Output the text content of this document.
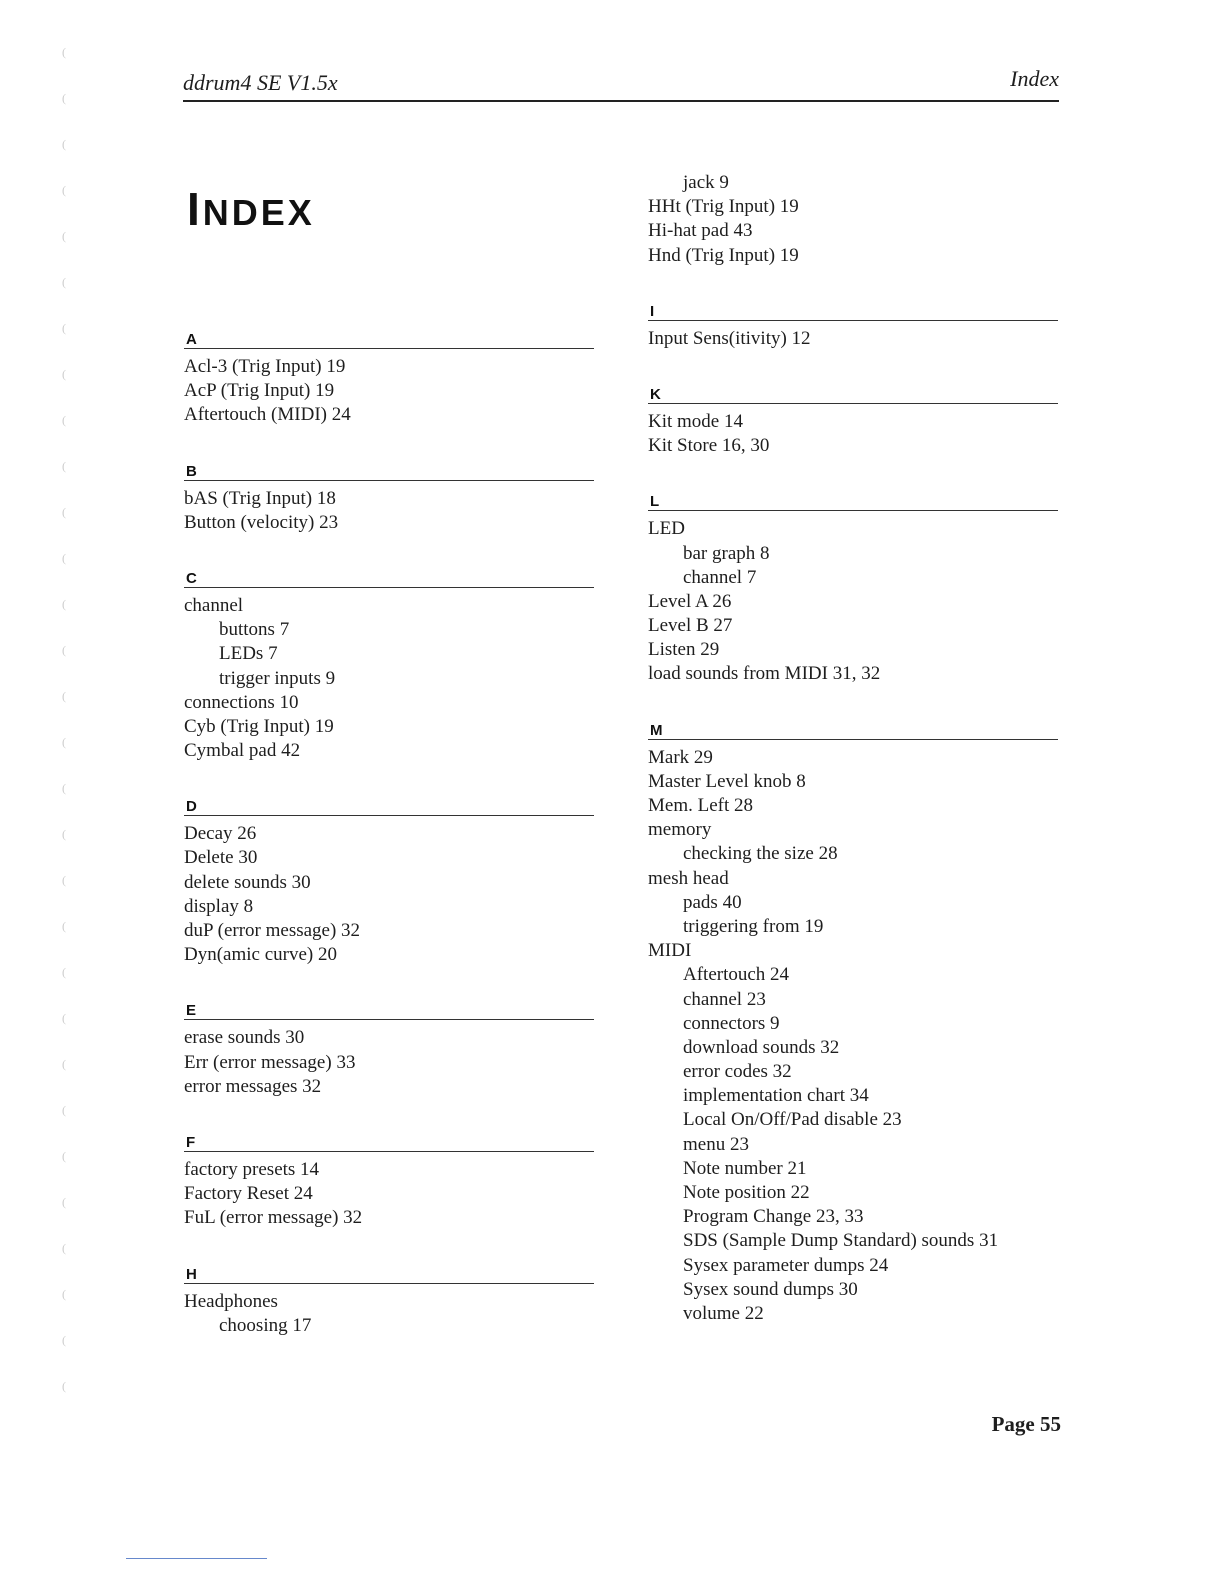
ddrum4 SE V1.5x	Index
INDEX
A
Acl-3 (Trig Input) 19
AcP (Trig Input) 19
Aftertouch (MIDI) 24
B
bAS (Trig Input) 18
Button (velocity) 23
C
channel
buttons 7
LEDs 7
trigger inputs 9
connections 10
Cyb (Trig Input) 19
Cymbal pad 42
D
Decay 26
Delete 30
delete sounds 30
display 8
duP (error message) 32
Dyn(amic curve) 20
E
erase sounds 30
Err (error message) 33
error messages 32
F
factory presets 14
Factory Reset 24
FuL (error message) 32
H
Headphones
choosing 17
jack 9
HHt (Trig Input) 19
Hi-hat pad 43
Hnd (Trig Input) 19
I
Input Sens(itivity) 12
K
Kit mode 14
Kit Store 16, 30
L
LED
bar graph 8
channel 7
Level A 26
Level B 27
Listen 29
load sounds from MIDI 31, 32
M
Mark 29
Master Level knob 8
Mem. Left 28
memory
checking the size 28
mesh head
pads 40
triggering from 19
MIDI
Aftertouch 24
channel 23
connectors 9
download sounds 32
error codes 32
implementation chart 34
Local On/Off/Pad disable 23
menu 23
Note number 21
Note position 22
Program Change 23, 33
SDS (Sample Dump Standard) sounds 31
Sysex parameter dumps 24
Sysex sound dumps 30
volume 22
Page 55
(
(
(
(
(
(
(
(
(
(
(
(
(
(
(
(
(
(
(
(
(
(
(
(
(
(
(
(
(
(
